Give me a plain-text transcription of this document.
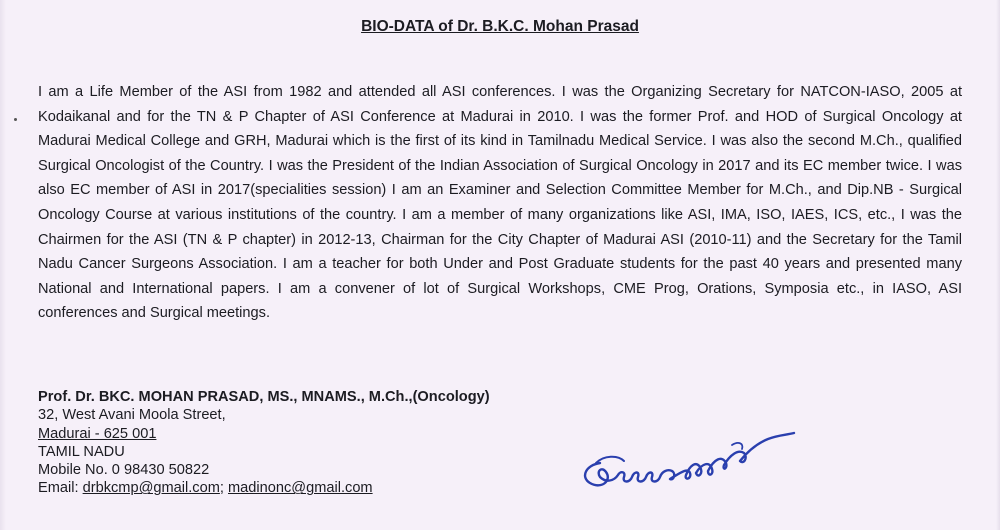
BIO-DATA of Dr. B.K.C. Mohan Prasad

I am a Life Member of the ASI from 1982 and attended all ASI conferences. I was the Organizing Secretary for NATCON-IASO, 2005 at Kodaikanal and for the TN & P Chapter of ASI Conference at Madurai in 2010. I was the former Prof. and HOD of Surgical Oncology at Madurai Medical College and GRH, Madurai which is the first of its kind in Tamilnadu Medical Service. I was also the second M.Ch., qualified Surgical Oncologist of the Country. I was the President of the Indian Association of Surgical Oncology in 2017 and its EC member twice. I was also EC member of ASI in 2017(specialities session) I am an Examiner and Selection Committee Member for M.Ch., and Dip.NB - Surgical Oncology Course at various institutions of the country. I am a member of many organizations like ASI, IMA, ISO, IAES, ICS, etc., I was the Chairmen for the ASI (TN & P chapter) in 2012-13, Chairman for the City Chapter of Madurai ASI (2010-11) and the Secretary for the Tamil Nadu Cancer Surgeons Association. I am a teacher for both Under and Post Graduate students for the past 40 years and presented many National and International papers. I am a convener of lot of Surgical Workshops, CME Prog, Orations, Symposia etc., in IASO, ASI conferences and Surgical meetings.

Prof. Dr. BKC. MOHAN PRASAD, MS., MNAMS., M.Ch.,(Oncology)
32, West Avani Moola Street,
Madurai - 625 001
TAMIL NADU
Mobile No. 0 98430 50822
Email: drbkcmp@gmail.com; madinonc@gmail.com
